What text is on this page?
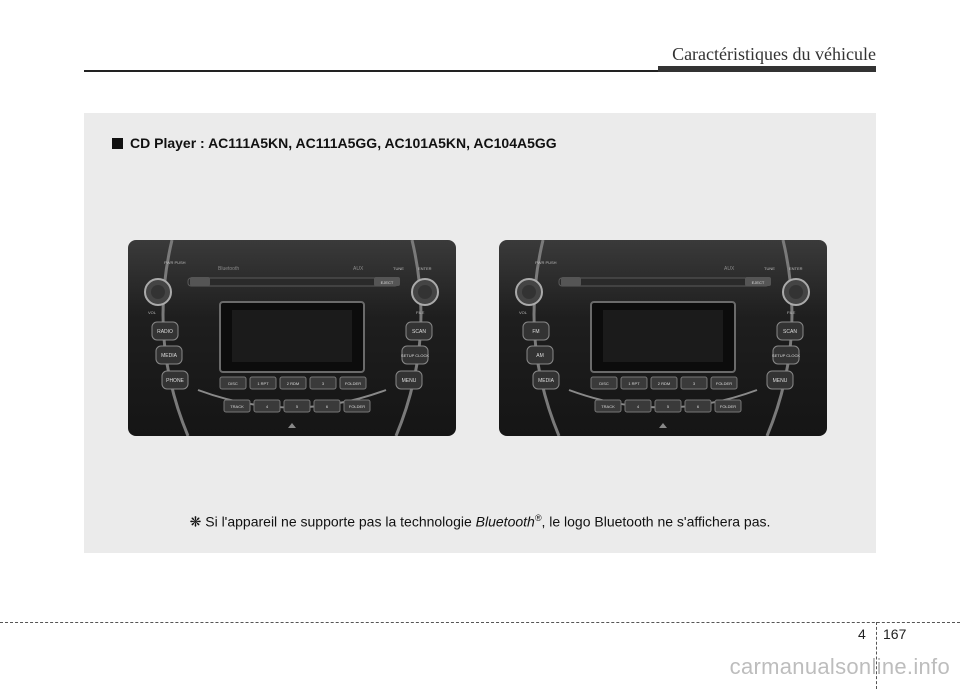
Caractéristiques du véhicule
CD Player : AC111A5KN, AC111A5GG, AC101A5KN, AC104A5GG
EJECT
Bluetooth	AUX
PWR PUSH
VOL
TUNE	ENTER
FILE
RADIO
MEDIA
PHONE
SCAN
SETUP CLOCK
MENU
DISC	1 RPT	2 RDM	3	FOLDER
TRACK	4	5	6	FOLDER
EJECT
AUX
PWR PUSH
VOL
TUNE	ENTER
FILE
FM
AM
MEDIA
SCAN
SETUP CLOCK
MENU
DISC	1 RPT	2 RDM	3	FOLDER
TRACK	4	5	6	FOLDER
❋ Si l'appareil ne supporte pas la technologie Bluetooth®, le logo Bluetooth ne s'affichera pas.
4 167
carmanualsonline.info
